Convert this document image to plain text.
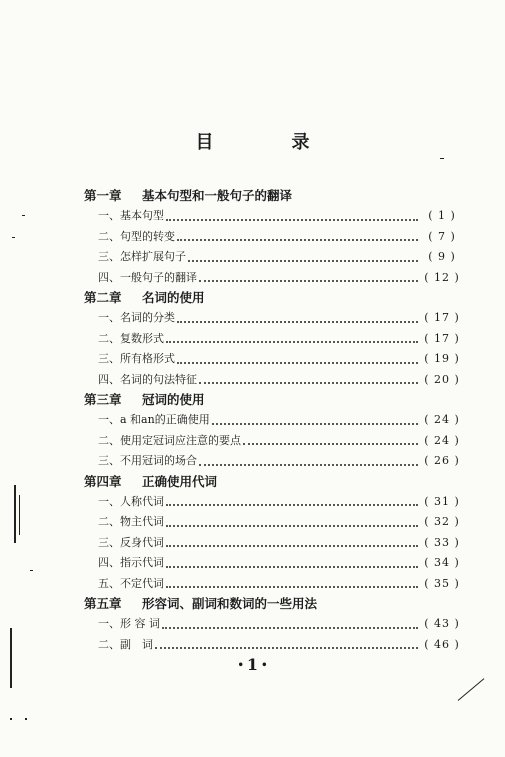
目　录
第一章 基本句型和一般句子的翻译
一、基本句型	( 1 )
二、句型的转变	( 7 )
三、怎样扩展句子	( 9 )
四、一般句子的翻译	( 12 )
第二章 名词的使用
一、名词的分类	( 17 )
二、复数形式	( 17 )
三、所有格形式	( 19 )
四、名词的句法特征	( 20 )
第三章 冠词的使用
一、a 和an的正确使用	( 24 )
二、使用定冠词应注意的要点	( 24 )
三、不用冠词的场合	( 26 )
第四章 正确使用代词
一、人称代词	( 31 )
二、物主代词	( 32 )
三、反身代词	( 33 )
四、指示代词	( 34 )
五、不定代词	( 35 )
第五章 形容词、副词和数词的一些用法
一、形 容 词	( 43 )
二、副　词	( 46 )
• 1 •
